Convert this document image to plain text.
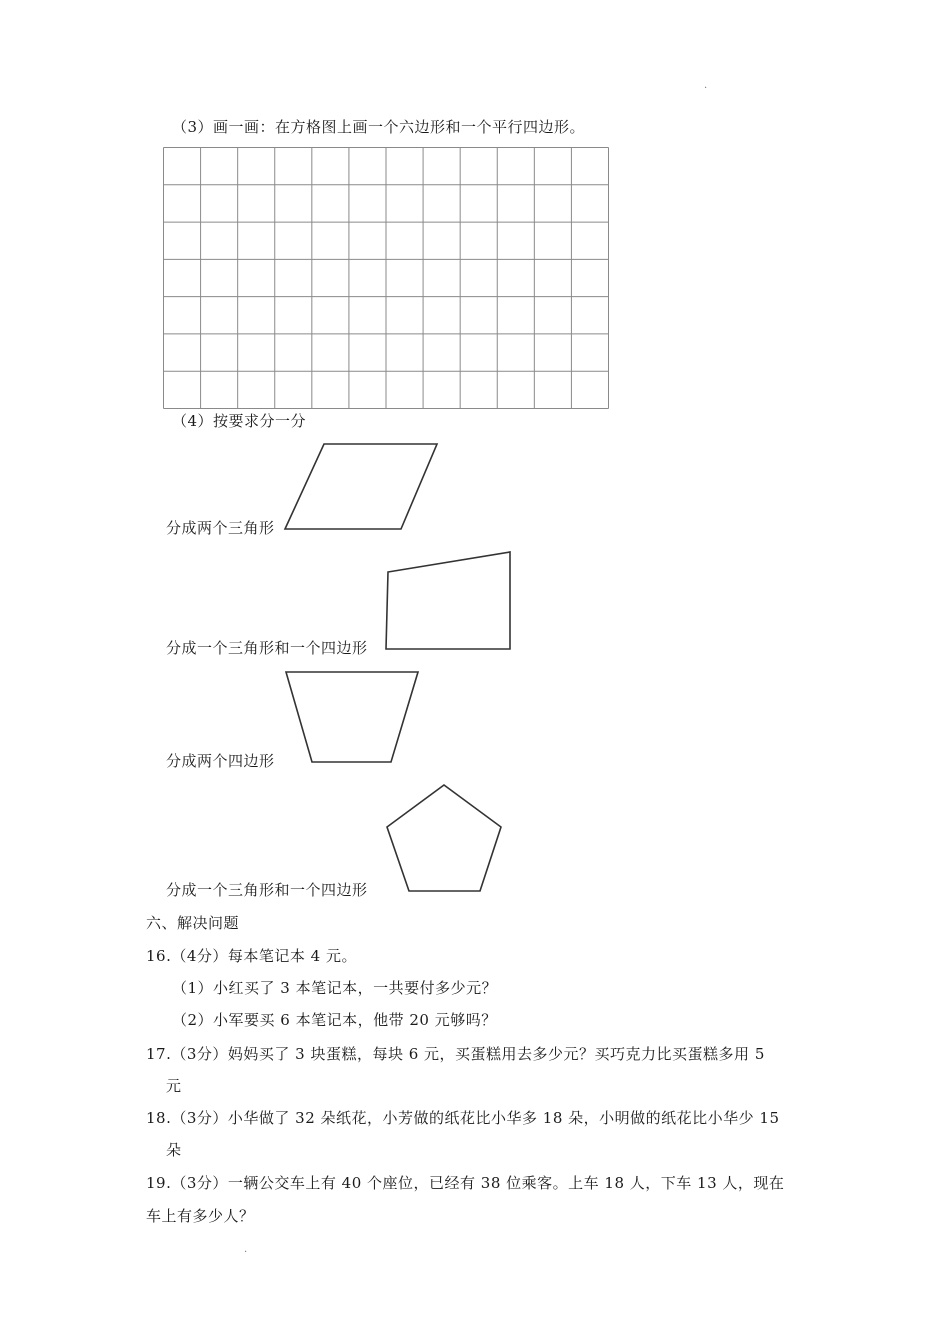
.
（3）画一画：在方格图上画一个六边形和一个平行四边形。
（4）按要求分一分
分成两个三角形
分成一个三角形和一个四边形
分成两个四边形
分成一个三角形和一个四边形
六、解决问题
16.（4分）每本笔记本 4 元。
（1）小红买了 3 本笔记本，一共要付多少元？
（2）小军要买 6 本笔记本，他带 20 元够吗？
17.（3分）妈妈买了 3 块蛋糕，每块 6 元，买蛋糕用去多少元？买巧克力比买蛋糕多用 5
元
18.（3分）小华做了 32 朵纸花，小芳做的纸花比小华多 18 朵，小明做的纸花比小华少 15
朵
19.（3分）一辆公交车上有 40 个座位，已经有 38 位乘客。上车 18 人，下车 13 人，现在
车上有多少人？
.
